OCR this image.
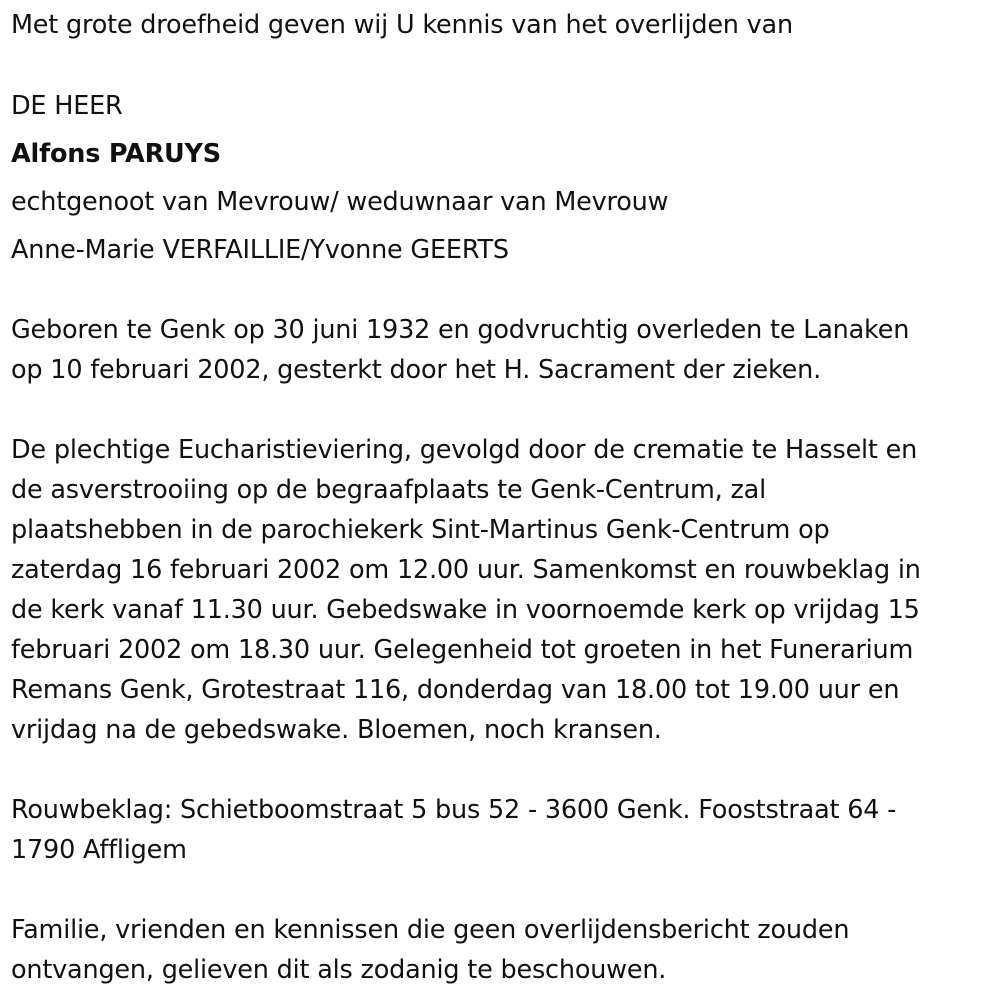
Met grote droefheid geven wij U kennis van het overlijden van
DE HEER
Alfons PARUYS
echtgenoot van Mevrouw/ weduwnaar van Mevrouw
Anne-Marie VERFAILLIE/Yvonne GEERTS
Geboren te Genk op 30 juni 1932 en godvruchtig overleden te Lanaken
op 10 februari 2002, gesterkt door het H. Sacrament der zieken.
De plechtige Eucharistieviering, gevolgd door de crematie te Hasselt en
de asverstrooiing op de begraafplaats te Genk-Centrum, zal
plaatshebben in de parochiekerk Sint-Martinus Genk-Centrum op
zaterdag 16 februari 2002 om 12.00 uur. Samenkomst en rouwbeklag in
de kerk vanaf 11.30 uur. Gebedswake in voornoemde kerk op vrijdag 15
februari 2002 om 18.30 uur. Gelegenheid tot groeten in het Funerarium
Remans Genk, Grotestraat 116, donderdag van 18.00 tot 19.00 uur en
vrijdag na de gebedswake. Bloemen, noch kransen.
Rouwbeklag: Schietboomstraat 5 bus 52 - 3600 Genk. Fooststraat 64 -
1790 Affligem
Familie, vrienden en kennissen die geen overlijdensbericht zouden
ontvangen, gelieven dit als zodanig te beschouwen.
